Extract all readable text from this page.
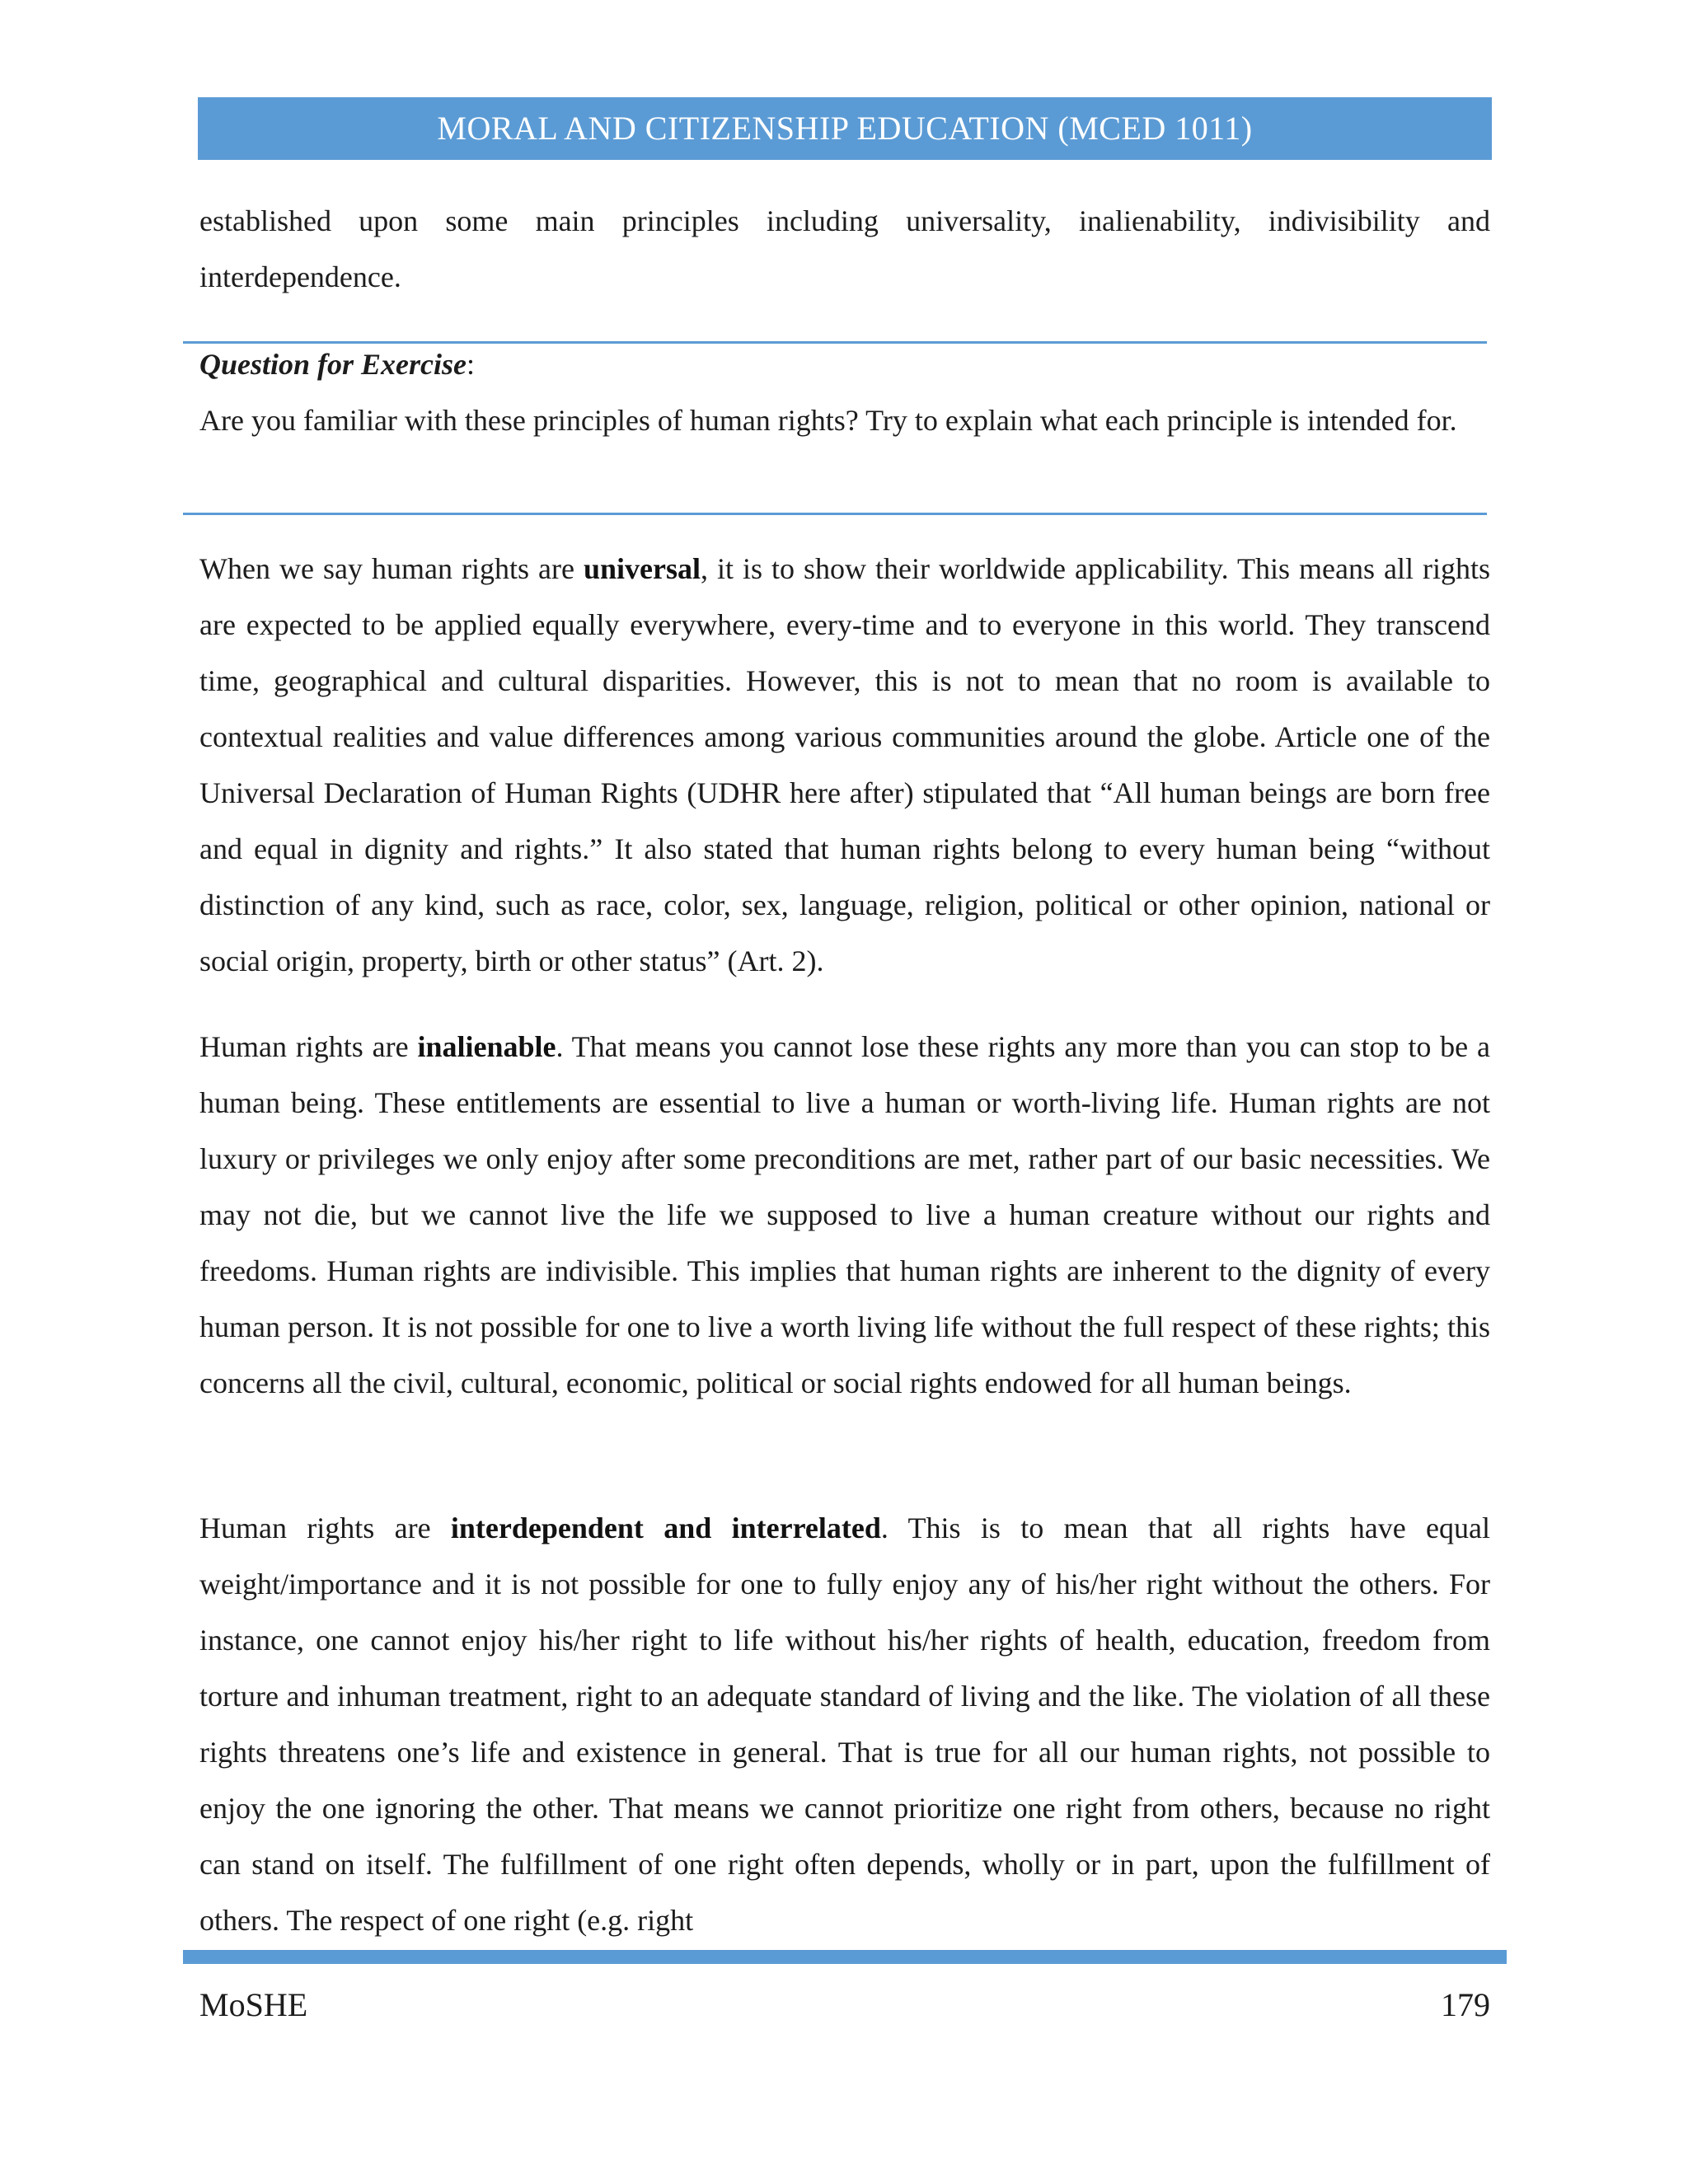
MORAL AND CITIZENSHIP EDUCATION (MCED 1011)

established upon some main principles including universality, inalienability, indivisibility and interdependence.

Question for Exercise:

Are you familiar with these principles of human rights? Try to explain what each principle is intended for.

When we say human rights are universal, it is to show their worldwide applicability. This means all rights are expected to be applied equally everywhere, every-time and to everyone in this world. They transcend time, geographical and cultural disparities. However, this is not to mean that no room is available to contextual realities and value differences among various communities around the globe. Article one of the Universal Declaration of Human Rights (UDHR here after) stipulated that “All human beings are born free and equal in dignity and rights.” It also stated that human rights belong to every human being “without distinction of any kind, such as race, color, sex, language, religion, political or other opinion, national or social origin, property, birth or other status” (Art. 2).

Human rights are inalienable. That means you cannot lose these rights any more than you can stop to be a human being. These entitlements are essential to live a human or worth-living life. Human rights are not luxury or privileges we only enjoy after some preconditions are met, rather part of our basic necessities. We may not die, but we cannot live the life we supposed to live a human creature without our rights and freedoms. Human rights are indivisible. This implies that human rights are inherent to the dignity of every human person. It is not possible for one to live a worth living life without the full respect of these rights; this concerns all the civil, cultural, economic, political or social rights endowed for all human beings.

Human rights are interdependent and interrelated. This is to mean that all rights have equal weight/importance and it is not possible for one to fully enjoy any of his/her right without the others. For instance, one cannot enjoy his/her right to life without his/her rights of health, education, freedom from torture and inhuman treatment, right to an adequate standard of living and the like. The violation of all these rights threatens one’s life and existence in general. That is true for all our human rights, not possible to enjoy the one ignoring the other. That means we cannot prioritize one right from others, because no right can stand on itself. The fulfillment of one right often depends, wholly or in part, upon the fulfillment of others. The respect of one right (e.g. right

MoSHE	179
